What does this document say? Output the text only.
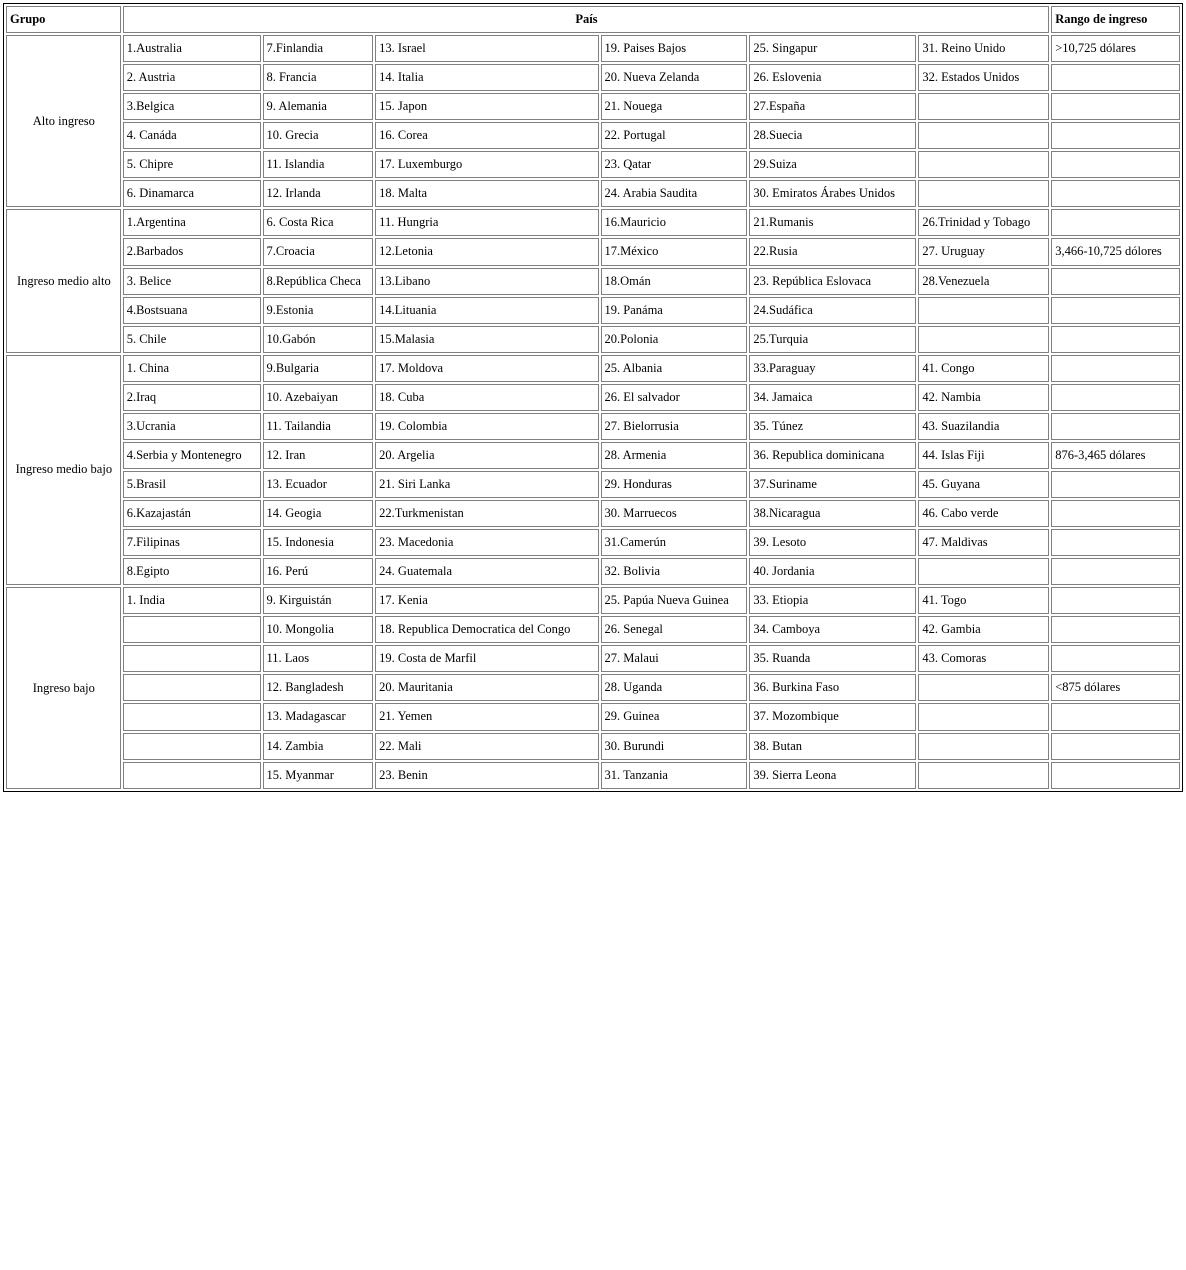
Grupo	País						Rango de ingreso
Alto ingreso	1.Australia	7.Finlandia	13. Israel	19. Paises Bajos	25. Singapur	31. Reino Unido	>10,725 dólares
	2. Austria	8. Francia	14. Italia	20. Nueva Zelanda	26. Eslovenia	32. Estados Unidos	
	3.Belgica	9. Alemania	15. Japon	21. Nouega	27.España		
	4. Canáda	10. Grecia	16. Corea	22. Portugal	28.Suecia		
	5. Chipre	11. Islandia	17. Luxemburgo	23. Qatar	29.Suiza		
	6. Dinamarca	12. Irlanda	18. Malta	24. Arabia Saudita	30. Emiratos Árabes Unidos		
Ingreso medio alto	1.Argentina	6. Costa Rica	11. Hungria	16.Mauricio	21.Rumanis	26.Trinidad y Tobago	
	2.Barbados	7.Croacia	12.Letonia	17.México	22.Rusia	27. Uruguay	3,466-10,725 dólores
	3. Belice	8.República Checa	13.Libano	18.Omán	23. República Eslovaca	28.Venezuela	
	4.Bostsuana	9.Estonia	14.Lituania	19. Panáma	24.Sudáfica		
	5. Chile	10.Gabón	15.Malasia	20.Polonia	25.Turquia		
Ingreso medio bajo	1. China	9.Bulgaria	17. Moldova	25. Albania	33.Paraguay	41. Congo	
	2.Iraq	10. Azebaiyan	18. Cuba	26. El salvador	34. Jamaica	42. Nambia	
	3.Ucrania	11. Tailandia	19. Colombia	27. Bielorrusia	35. Túnez	43. Suazilandia	
	4.Serbia y Montenegro	12. Iran	20. Argelia	28. Armenia	36. Republica dominicana	44. Islas Fiji	876-3,465 dólares
	5.Brasil	13. Ecuador	21. Siri Lanka	29. Honduras	37.Suriname	45. Guyana	
	6.Kazajastán	14. Geogia	22.Turkmenistan	30. Marruecos	38.Nicaragua	46. Cabo verde	
	7.Filipinas	15. Indonesia	23. Macedonia	31.Camerún	39. Lesoto	47. Maldivas	
	8.Egipto	16. Perú	24. Guatemala	32. Bolivia	40. Jordania		
Ingreso bajo	1. India	9. Kirguistán	17. Kenia	25. Papúa Nueva Guinea	33. Etiopia	41. Togo	
		10. Mongolia	18. Republica Democratica del Congo	26. Senegal	34. Camboya	42. Gambia	
		11. Laos	19. Costa de Marfil	27. Malaui	35. Ruanda	43. Comoras	
		12. Bangladesh	20. Mauritania	28. Uganda	36. Burkina Faso		<875 dólares
		13. Madagascar	21. Yemen	29. Guinea	37. Mozombique		
		14. Zambia	22. Mali	30. Burundi	38. Butan		
		15. Myanmar	23. Benin	31. Tanzania	39. Sierra Leona		
